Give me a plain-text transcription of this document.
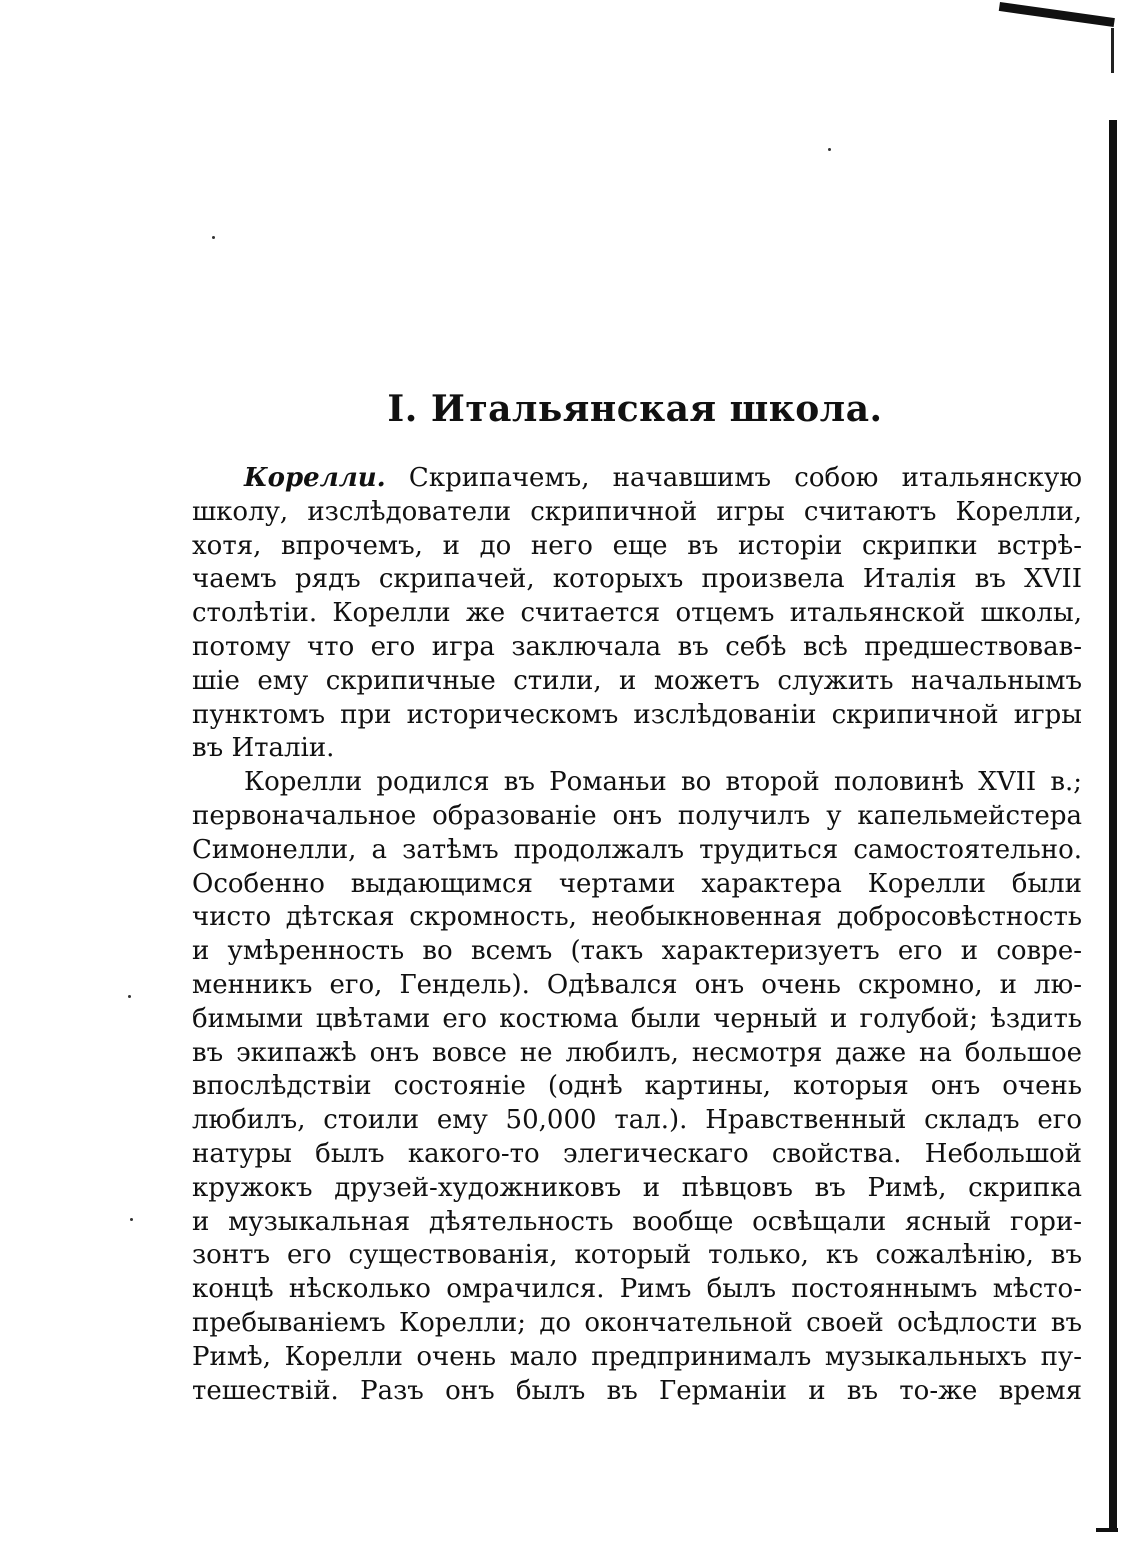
I. Итальянская школа.
Корелли. Скрипачемъ, начавшимъ собою итальянскую
школу, изслѣдователи скрипичной игры считаютъ Корелли,
хотя, впрочемъ, и до него еще въ исторіи скрипки встрѣ-
чаемъ рядъ скрипачей, которыхъ произвела Италія въ XVII
столѣтіи. Корелли же считается отцемъ итальянской школы,
потому что его игра заключала въ себѣ всѣ предшествовав-
шіе ему скрипичные стили, и можетъ служить начальнымъ
пунктомъ при историческомъ изслѣдованіи скрипичной игры
въ Италіи.
Корелли родился въ Романьи во второй половинѣ XVII в.;
первоначальное образованіе онъ получилъ у капельмейстера
Симонелли, а затѣмъ продолжалъ трудиться самостоятельно.
Особенно выдающимся чертами характера Корелли были
чисто дѣтская скромность, необыкновенная добросовѣстность
и умѣренность во всемъ (такъ характеризуетъ его и совре-
менникъ его, Гендель). Одѣвался онъ очень скромно, и лю-
бимыми цвѣтами его костюма были черный и голубой; ѣздить
въ экипажѣ онъ вовсе не любилъ, несмотря даже на большое
впослѣдствіи состояніе (однѣ картины, которыя онъ очень
любилъ, стоили ему 50,000 тал.). Нравственный складъ его
натуры былъ какого-то элегическаго свойства. Небольшой
кружокъ друзей-художниковъ и пѣвцовъ въ Римѣ, скрипка
и музыкальная дѣятельность вообще освѣщали ясный гори-
зонтъ его существованія, который только, къ сожалѣнію, въ
концѣ нѣсколько омрачился. Римъ былъ постояннымъ мѣсто-
пребываніемъ Корелли; до окончательной своей осѣдлости въ
Римѣ, Корелли очень мало предпринималъ музыкальныхъ пу-
тешествій. Разъ онъ былъ въ Германіи и въ то-же время
